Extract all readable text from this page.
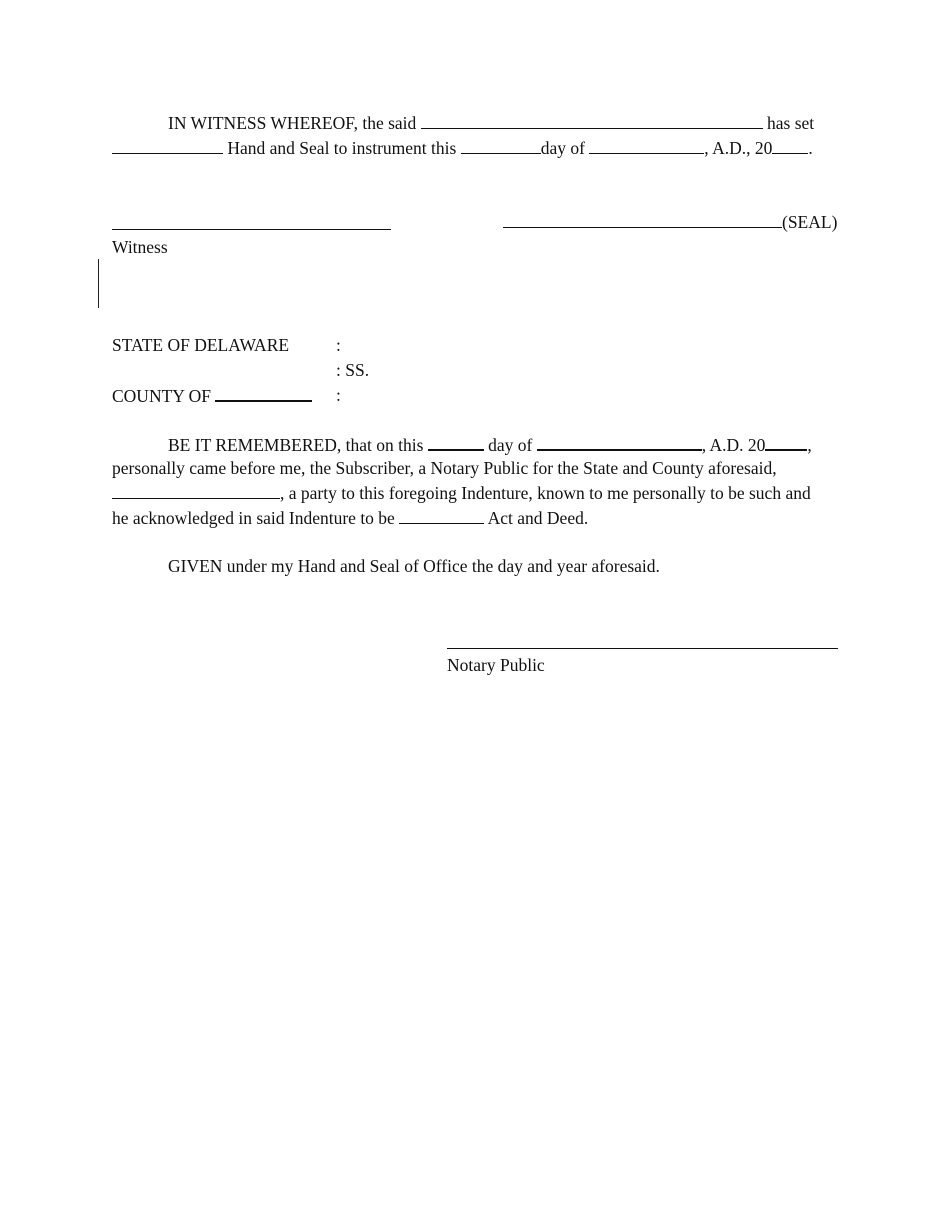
IN WITNESS WHEREOF, the said	has set
Hand and Seal to instrument this	day of	, A.D., 20 .
(SEAL)
Witness
STATE OF DELAWARE	:
: SS.
COUNTY OF	:
BE IT REMEMBERED, that on this	day of	, A.D. 20 ,
personally came before me, the Subscriber, a Notary Public for the State and County aforesaid,
, a party to this foregoing Indenture, known to me personally to be such and
he acknowledged in said Indenture to be	Act and Deed.
GIVEN under my Hand and Seal of Office the day and year aforesaid.
Notary Public
